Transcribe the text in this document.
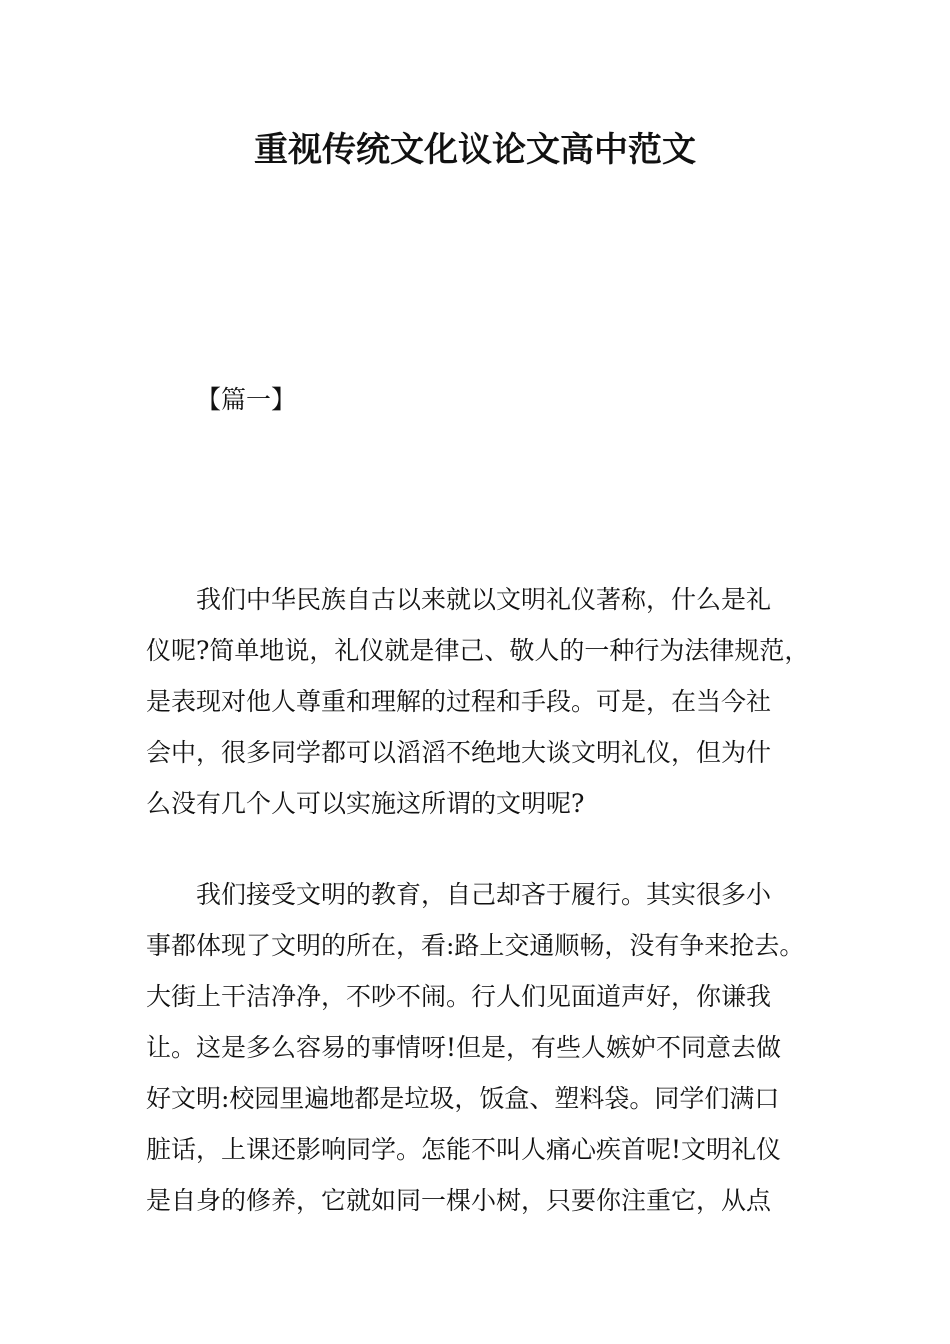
重视传统文化议论文高中范文
【篇一】
我们中华民族自古以来就以文明礼仪著称，什么是礼
仪呢?简单地说，礼仪就是律己、敬人的一种行为法律规范，
是表现对他人尊重和理解的过程和手段。可是，在当今社
会中，很多同学都可以滔滔不绝地大谈文明礼仪，但为什
么没有几个人可以实施这所谓的文明呢?
我们接受文明的教育，自己却吝于履行。其实很多小
事都体现了文明的所在，看:路上交通顺畅，没有争来抢去。
大街上干洁净净，不吵不闹。行人们见面道声好，你谦我
让。这是多么容易的事情呀!但是，有些人嫉妒不同意去做
好文明:校园里遍地都是垃圾，饭盒、塑料袋。同学们满口
脏话，上课还影响同学。怎能不叫人痛心疾首呢!文明礼仪
是自身的修养，它就如同一棵小树，只要你注重它，从点
